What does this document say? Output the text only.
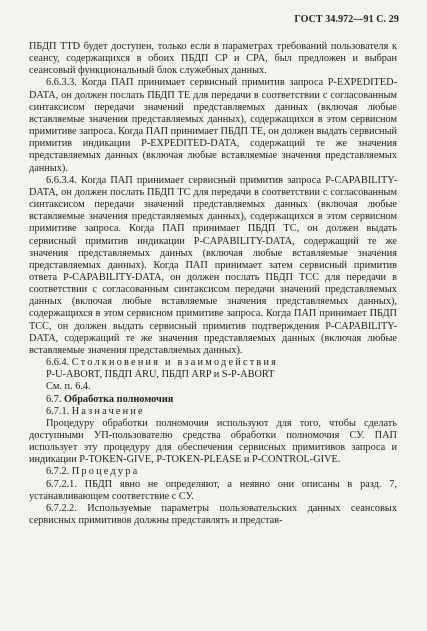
ГОСТ 34.972—91 С. 29

ПБДП TTD будет доступен, только если в параметрах требований пользователя к сеансу, содержащихся в обоих ПБДП CP и CPA, был предложен и выбран сеансовый функциональный блок служебных данных.

6.6.3.3. Когда ПАП принимает сервисный примитив запроса P-EXPEDITED-DATA, он должен послать ПБДП TE для передачи в соответствии с согласованным синтаксисом передачи значений представляемых данных (включая любые вставляемые значения представляемых данных), содержащихся в этом сервисном примитиве запроса. Когда ПАП принимает ПБДП TE, он должен выдать сервисный примитив индикации P-EXPEDITED-DATA, содержащий те же значения представляемых данных (включая любые вставляемые значения представляемых данных).

6.6.3.4. Когда ПАП принимает сервисный примитив запроса P-CAPABILITY-DATA, он должен послать ПБДП TC для передачи в соответствии с согласованным синтаксисом передачи значений представляемых данных (включая любые вставляемые значения представляемых данных), содержащихся в этом сервисном примитиве запроса. Когда ПАП принимает ПБДП TC, он должен выдать сервисный примитив индикации P-CAPABILITY-DATA, содержащий те же значения представляемых данных (включая любые вставляемые значения представляемых данных). Когда ПАП принимает затем сервисный примитив ответа P-CAPABILITY-DATA, он должен послать ПБДП TCC для передачи в соответствии с согласованным синтаксисом передачи значений представляемых данных (включая любые вставляемые значения представляемых данных), содержащихся в этом сервисном примитиве запроса. Когда ПАП принимает ПБДП TCC, он должен выдать сервисный примитив подтверждения P-CAPABILITY-DATA, содержащий те же значения представляемых данных (включая любые вставляемые значения представляемых данных).

6.6.4. Столкновения и взаимодействия

P-U-ABORT, ПБДП ARU, ПБДП ARP и S-P-ABORT

См. п. 6.4.

6.7. Обработка полномочия

6.7.1. Назначение

Процедуру обработки полномочия используют для того, чтобы сделать доступными УП-пользователю средства обработки полномочия СУ. ПАП использует эту процедуру для обеспечения сервисных примитивов запроса и индикации P-TOKEN-GIVE, P-TOKEN-PLEASE и P-CONTROL-GIVE.

6.7.2. Процедура

6.7.2.1. ПБДП явно не определяют, а неявно они описаны в разд. 7, устанавливающем соответствие с СУ.

6.7.2.2. Используемые параметры пользовательских данных сеансовых сервисных примитивов должны представлять и представ-
